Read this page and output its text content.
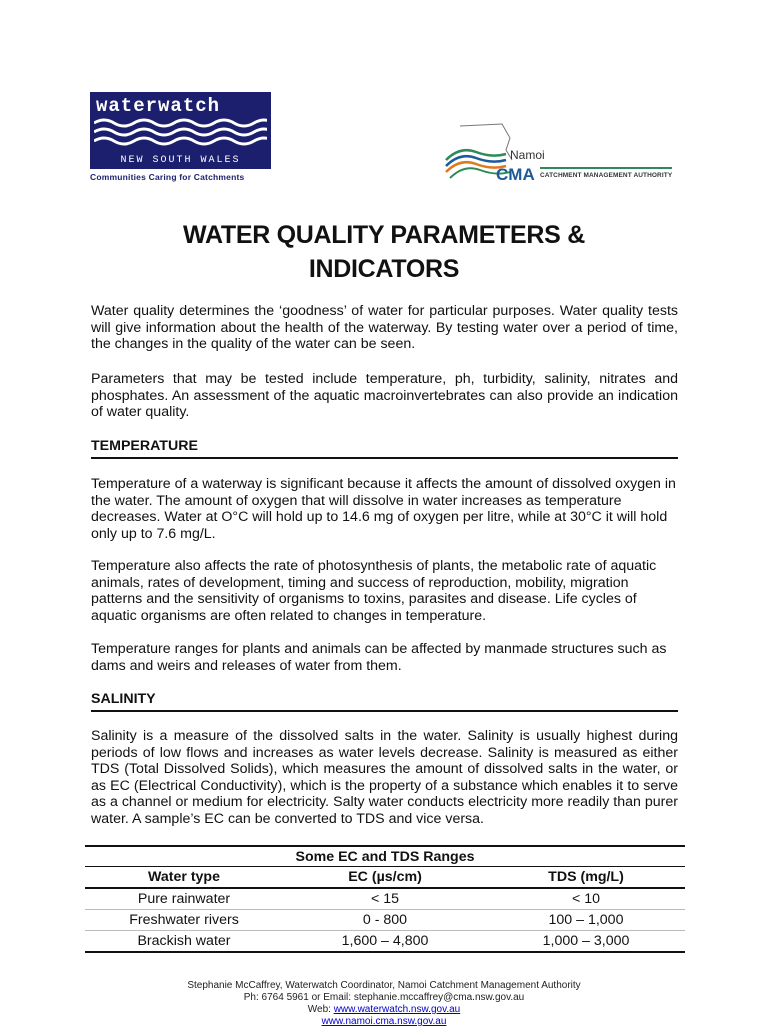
waterwatch
NEW SOUTH WALES
Communities Caring for Catchments
Namoi
CMA CATCHMENT MANAGEMENT AUTHORITY
WATER QUALITY PARAMETERS &
INDICATORS

Water quality determines the ‘goodness’ of water for particular purposes. Water quality tests will give information about the health of the waterway. By testing water over a period of time, the changes in the quality of the water can be seen.

Parameters that may be tested include temperature, ph, turbidity, salinity, nitrates and phosphates. An assessment of the aquatic macroinvertebrates can also provide an indication of water quality.

TEMPERATURE

Temperature of a waterway is significant because it affects the amount of dissolved oxygen in the water. The amount of oxygen that will dissolve in water increases as temperature decreases. Water at O°C will hold up to 14.6 mg of oxygen per litre, while at 30°C it will hold only up to 7.6 mg/L.

Temperature also affects the rate of photosynthesis of plants, the metabolic rate of aquatic animals, rates of development, timing and success of reproduction, mobility, migration patterns and the sensitivity of organisms to toxins, parasites and disease. Life cycles of aquatic organisms are often related to changes in temperature.

Temperature ranges for plants and animals can be affected by manmade structures such as dams and weirs and releases of water from them.

SALINITY

Salinity is a measure of the dissolved salts in the water. Salinity is usually highest during periods of low flows and increases as water levels decrease. Salinity is measured as either TDS (Total Dissolved Solids), which measures the amount of dissolved salts in the water, or as EC (Electrical Conductivity), which is the property of a substance which enables it to serve as a channel or medium for electricity. Salty water conducts electricity more readily than purer water. A sample’s EC can be converted to TDS and vice versa.

Some EC and TDS Ranges		
Water type	EC (µs/cm)	TDS (mg/L)
Pure rainwater	< 15	< 10
Freshwater rivers	0 - 800	100 – 1,000
Brackish water	1,600 – 4,800	1,000 – 3,000
Stephanie McCaffrey, Waterwatch Coordinator, Namoi Catchment Management Authority
Ph: 6764 5961 or Email: stephanie.mccaffrey@cma.nsw.gov.au
Web: www.waterwatch.nsw.gov.au
www.namoi.cma.nsw.gov.au
